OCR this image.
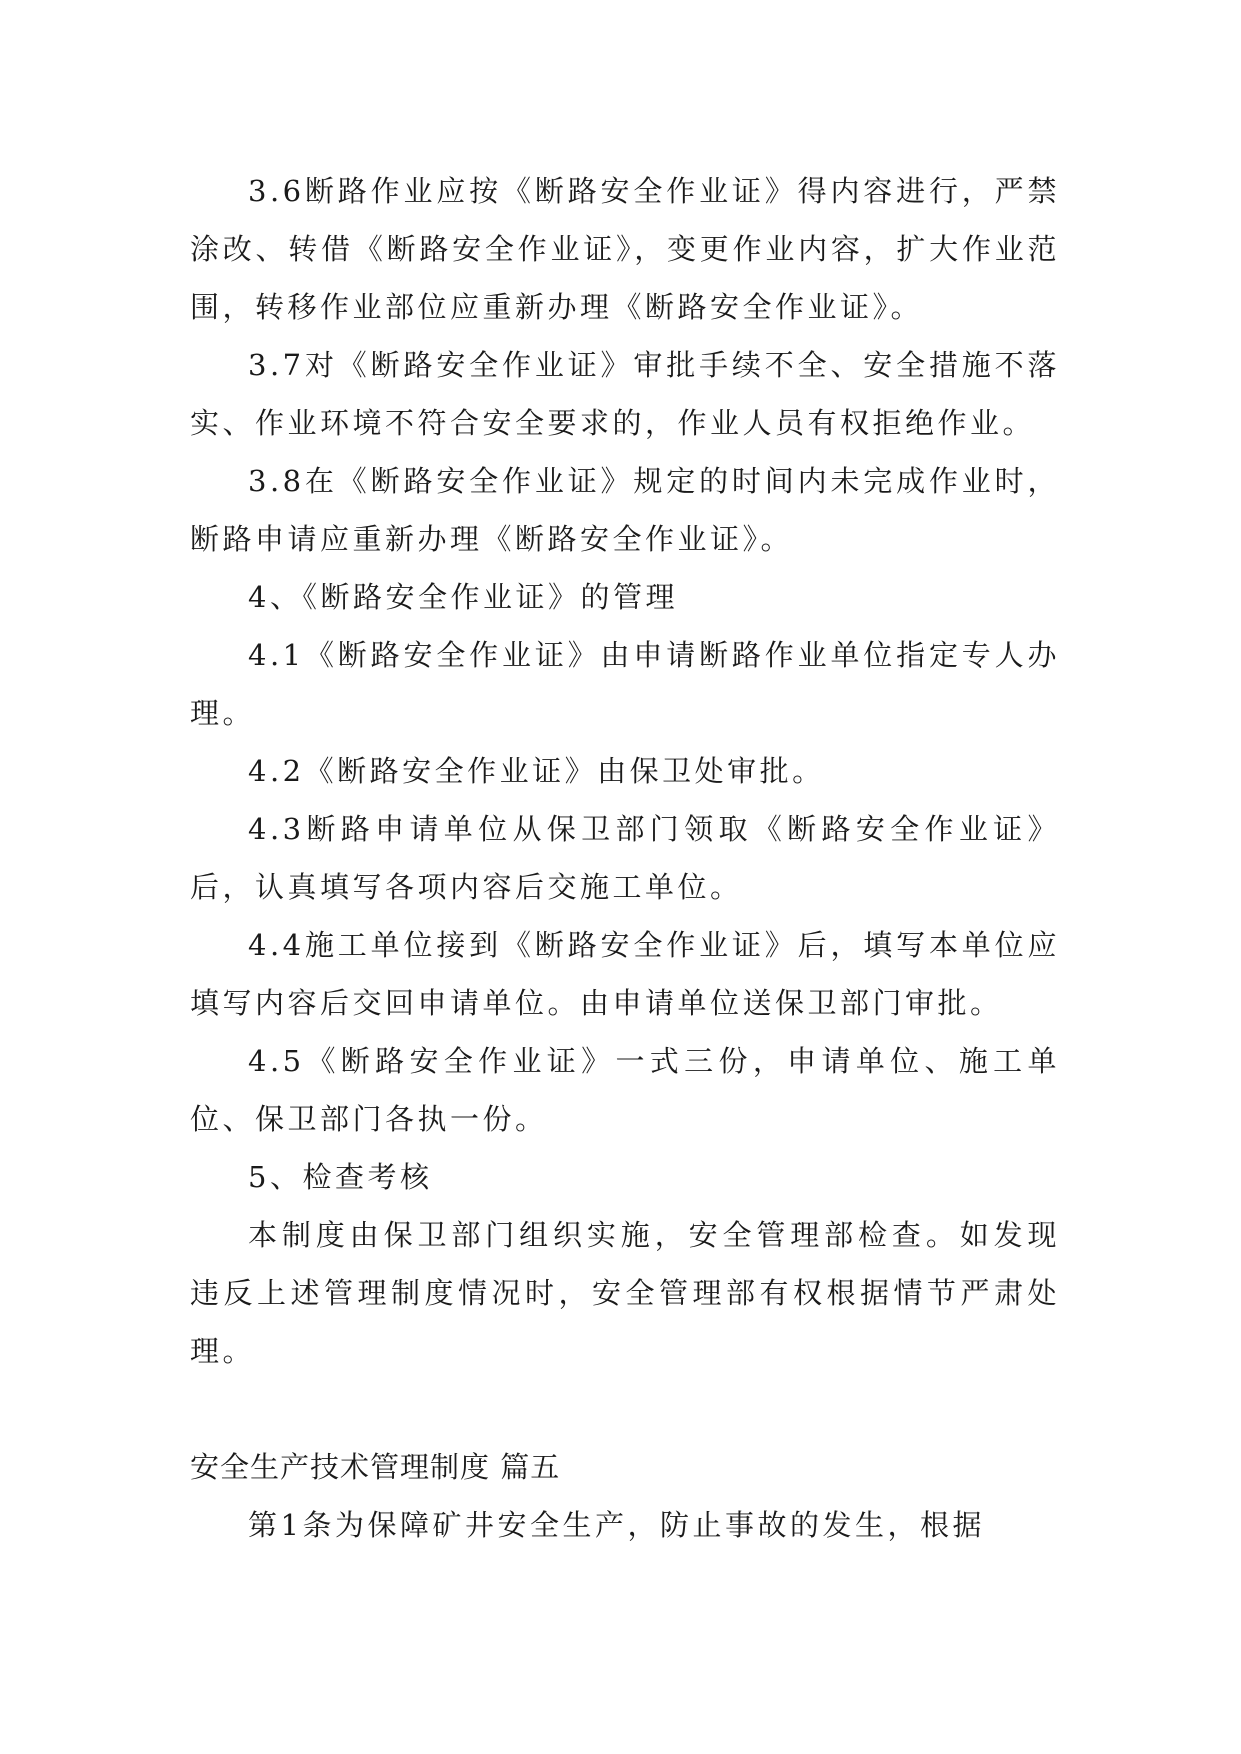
3.6断路作业应按《断路安全作业证》得内容进行，严禁涂改、转借《断路安全作业证》，变更作业内容，扩大作业范围，转移作业部位应重新办理《断路安全作业证》。

3.7对《断路安全作业证》审批手续不全、安全措施不落实、作业环境不符合安全要求的，作业人员有权拒绝作业。

3.8在《断路安全作业证》规定的时间内未完成作业时，断路申请应重新办理《断路安全作业证》。

4、《断路安全作业证》的管理

4.1《断路安全作业证》由申请断路作业单位指定专人办理。

4.2《断路安全作业证》由保卫处审批。

4.3断路申请单位从保卫部门领取《断路安全作业证》后，认真填写各项内容后交施工单位。

4.4施工单位接到《断路安全作业证》后，填写本单位应填写内容后交回申请单位。由申请单位送保卫部门审批。

4.5《断路安全作业证》一式三份，申请单位、施工单位、保卫部门各执一份。

5、检查考核

本制度由保卫部门组织实施，安全管理部检查。如发现违反上述管理制度情况时，安全管理部有权根据情节严肃处理。

安全生产技术管理制度 篇五

第1条为保障矿井安全生产，防止事故的发生，根据
